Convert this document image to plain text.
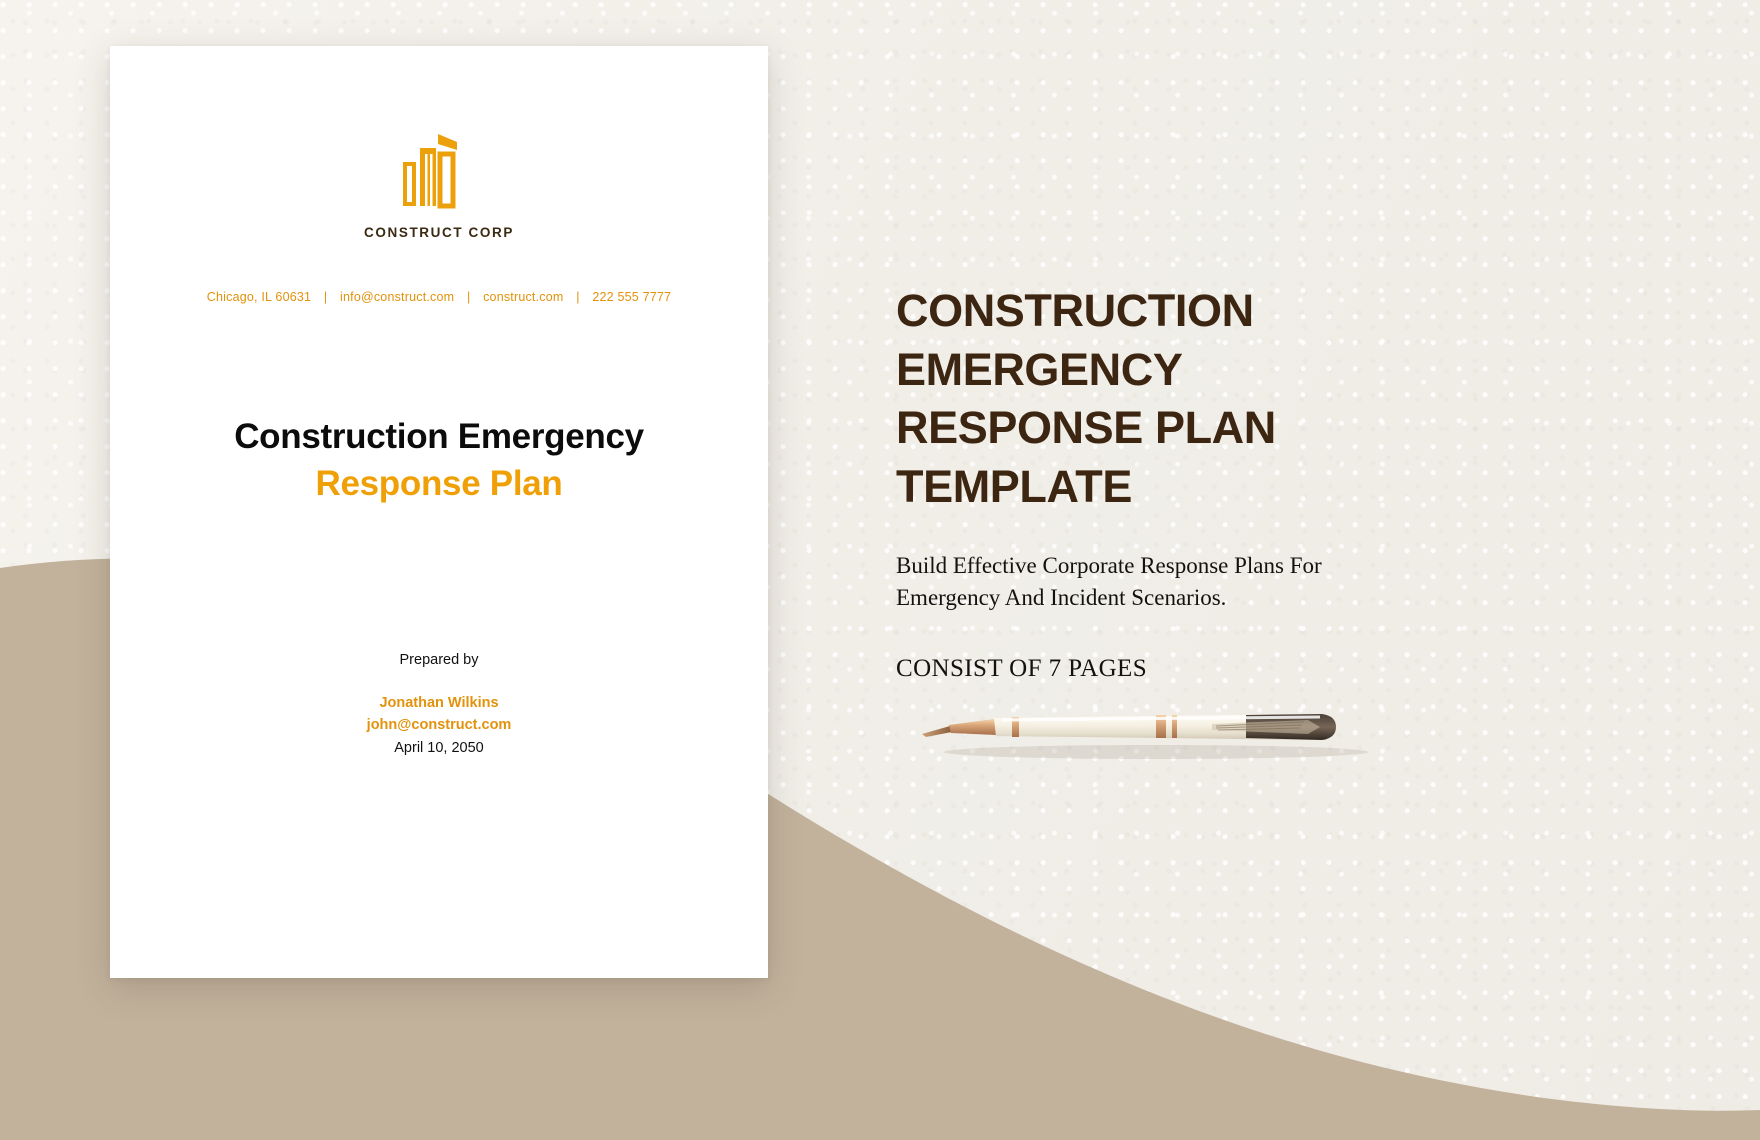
CONSTRUCT CORP
Chicago, IL 60631 | info@construct.com | construct.com | 222 555 7777
Construction Emergency
Response Plan
Prepared by
Jonathan Wilkins
john@construct.com
April 10, 2050
CONSTRUCTION EMERGENCY RESPONSE PLAN TEMPLATE
Build Effective Corporate Response Plans For Emergency And Incident Scenarios.
CONSIST OF 7 PAGES
